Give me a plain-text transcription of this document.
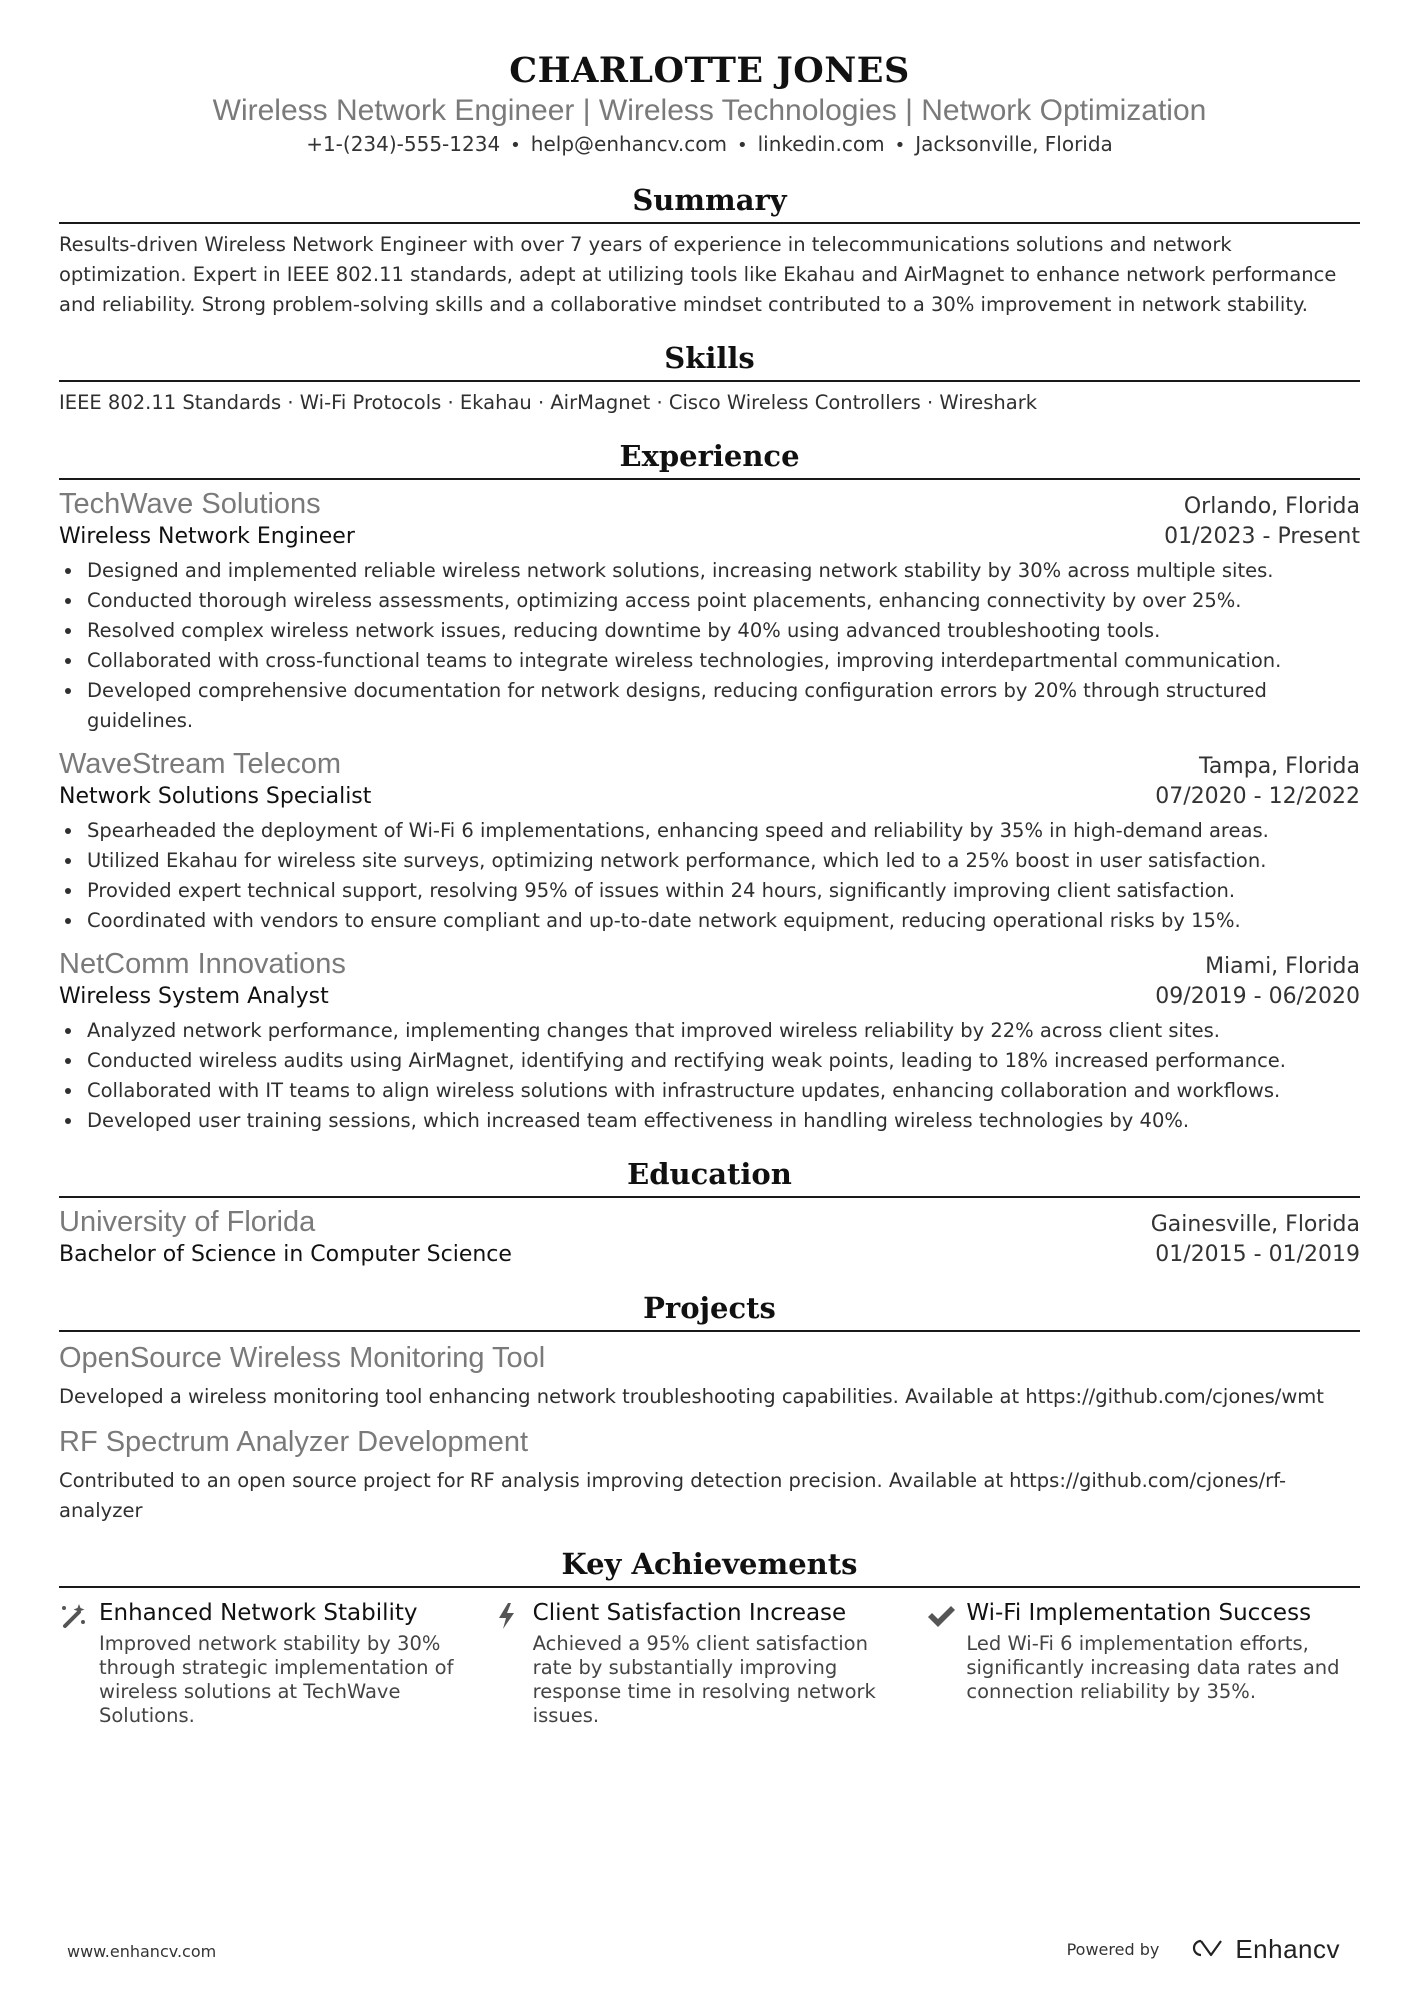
CHARLOTTE JONES
Wireless Network Engineer | Wireless Technologies | Network Optimization
+1-(234)-555-1234 • help@enhancv.com • linkedin.com • Jacksonville, Florida
Summary
Results-driven Wireless Network Engineer with over 7 years of experience in telecommunications solutions and network optimization. Expert in IEEE 802.11 standards, adept at utilizing tools like Ekahau and AirMagnet to enhance network performance and reliability. Strong problem-solving skills and a collaborative mindset contributed to a 30% improvement in network stability.
Skills
IEEE 802.11 Standards · Wi-Fi Protocols · Ekahau · AirMagnet · Cisco Wireless Controllers · Wireshark
Experience
TechWave Solutions	Orlando, Florida
Wireless Network Engineer	01/2023 - Present
Designed and implemented reliable wireless network solutions, increasing network stability by 30% across multiple sites.
Conducted thorough wireless assessments, optimizing access point placements, enhancing connectivity by over 25%.
Resolved complex wireless network issues, reducing downtime by 40% using advanced troubleshooting tools.
Collaborated with cross-functional teams to integrate wireless technologies, improving interdepartmental communication.
Developed comprehensive documentation for network designs, reducing configuration errors by 20% through structured guidelines.
WaveStream Telecom	Tampa, Florida
Network Solutions Specialist	07/2020 - 12/2022
Spearheaded the deployment of Wi-Fi 6 implementations, enhancing speed and reliability by 35% in high-demand areas.
Utilized Ekahau for wireless site surveys, optimizing network performance, which led to a 25% boost in user satisfaction.
Provided expert technical support, resolving 95% of issues within 24 hours, significantly improving client satisfaction.
Coordinated with vendors to ensure compliant and up-to-date network equipment, reducing operational risks by 15%.
NetComm Innovations	Miami, Florida
Wireless System Analyst	09/2019 - 06/2020
Analyzed network performance, implementing changes that improved wireless reliability by 22% across client sites.
Conducted wireless audits using AirMagnet, identifying and rectifying weak points, leading to 18% increased performance.
Collaborated with IT teams to align wireless solutions with infrastructure updates, enhancing collaboration and workflows.
Developed user training sessions, which increased team effectiveness in handling wireless technologies by 40%.
Education
University of Florida	Gainesville, Florida
Bachelor of Science in Computer Science	01/2015 - 01/2019
Projects
OpenSource Wireless Monitoring Tool
Developed a wireless monitoring tool enhancing network troubleshooting capabilities. Available at https://github.com/cjones/wmt
RF Spectrum Analyzer Development
Contributed to an open source project for RF analysis improving detection precision. Available at https://github.com/cjones/rf-analyzer
Key Achievements
Enhanced Network Stability
Improved network stability by 30% through strategic implementation of wireless solutions at TechWave Solutions.
Client Satisfaction Increase
Achieved a 95% client satisfaction rate by substantially improving response time in resolving network issues.
Wi-Fi Implementation Success
Led Wi-Fi 6 implementation efforts, significantly increasing data rates and connection reliability by 35%.
www.enhancv.com	Powered by	Enhancv
